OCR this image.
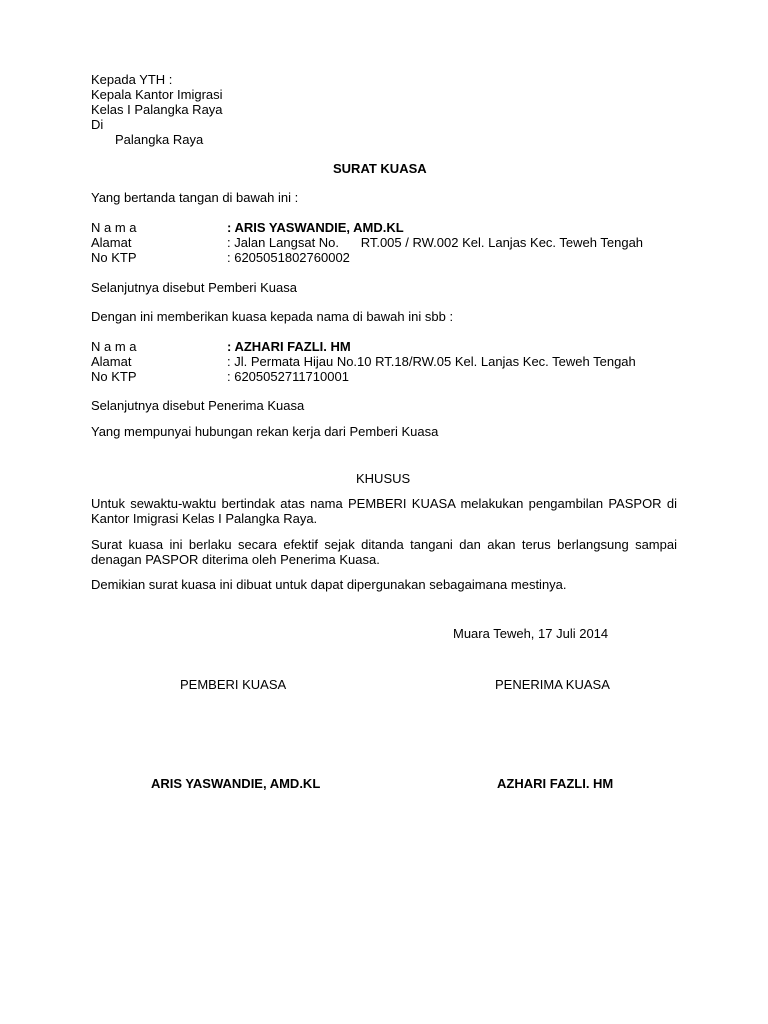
Kepada YTH :
Kepala Kantor Imigrasi
Kelas I Palangka Raya
Di
Palangka Raya
SURAT KUASA
Yang bertanda tangan di bawah ini :
N a m a	: ARIS YASWANDIE, AMD.KL
Alamat	: Jalan Langsat No.      RT.005 / RW.002 Kel. Lanjas Kec. Teweh Tengah
No KTP	: 6205051802760002
Selanjutnya disebut Pemberi Kuasa
Dengan ini memberikan kuasa kepada nama di bawah ini sbb :
N a m a	: AZHARI FAZLI. HM
Alamat	: Jl. Permata Hijau No.10 RT.18/RW.05 Kel. Lanjas Kec. Teweh Tengah
No KTP	: 6205052711710001
Selanjutnya disebut Penerima Kuasa
Yang mempunyai hubungan rekan kerja dari Pemberi Kuasa
KHUSUS
Untuk sewaktu-waktu bertindak atas nama PEMBERI KUASA melakukan pengambilan PASPOR di Kantor Imigrasi Kelas I Palangka Raya.
Surat kuasa ini berlaku secara efektif sejak ditanda tangani dan akan terus berlangsung sampai denagan PASPOR diterima oleh Penerima Kuasa.
Demikian surat kuasa ini dibuat untuk dapat dipergunakan sebagaimana mestinya.
Muara Teweh, 17 Juli 2014
PEMBERI KUASA	PENERIMA KUASA
ARIS YASWANDIE, AMD.KL	AZHARI FAZLI. HM
